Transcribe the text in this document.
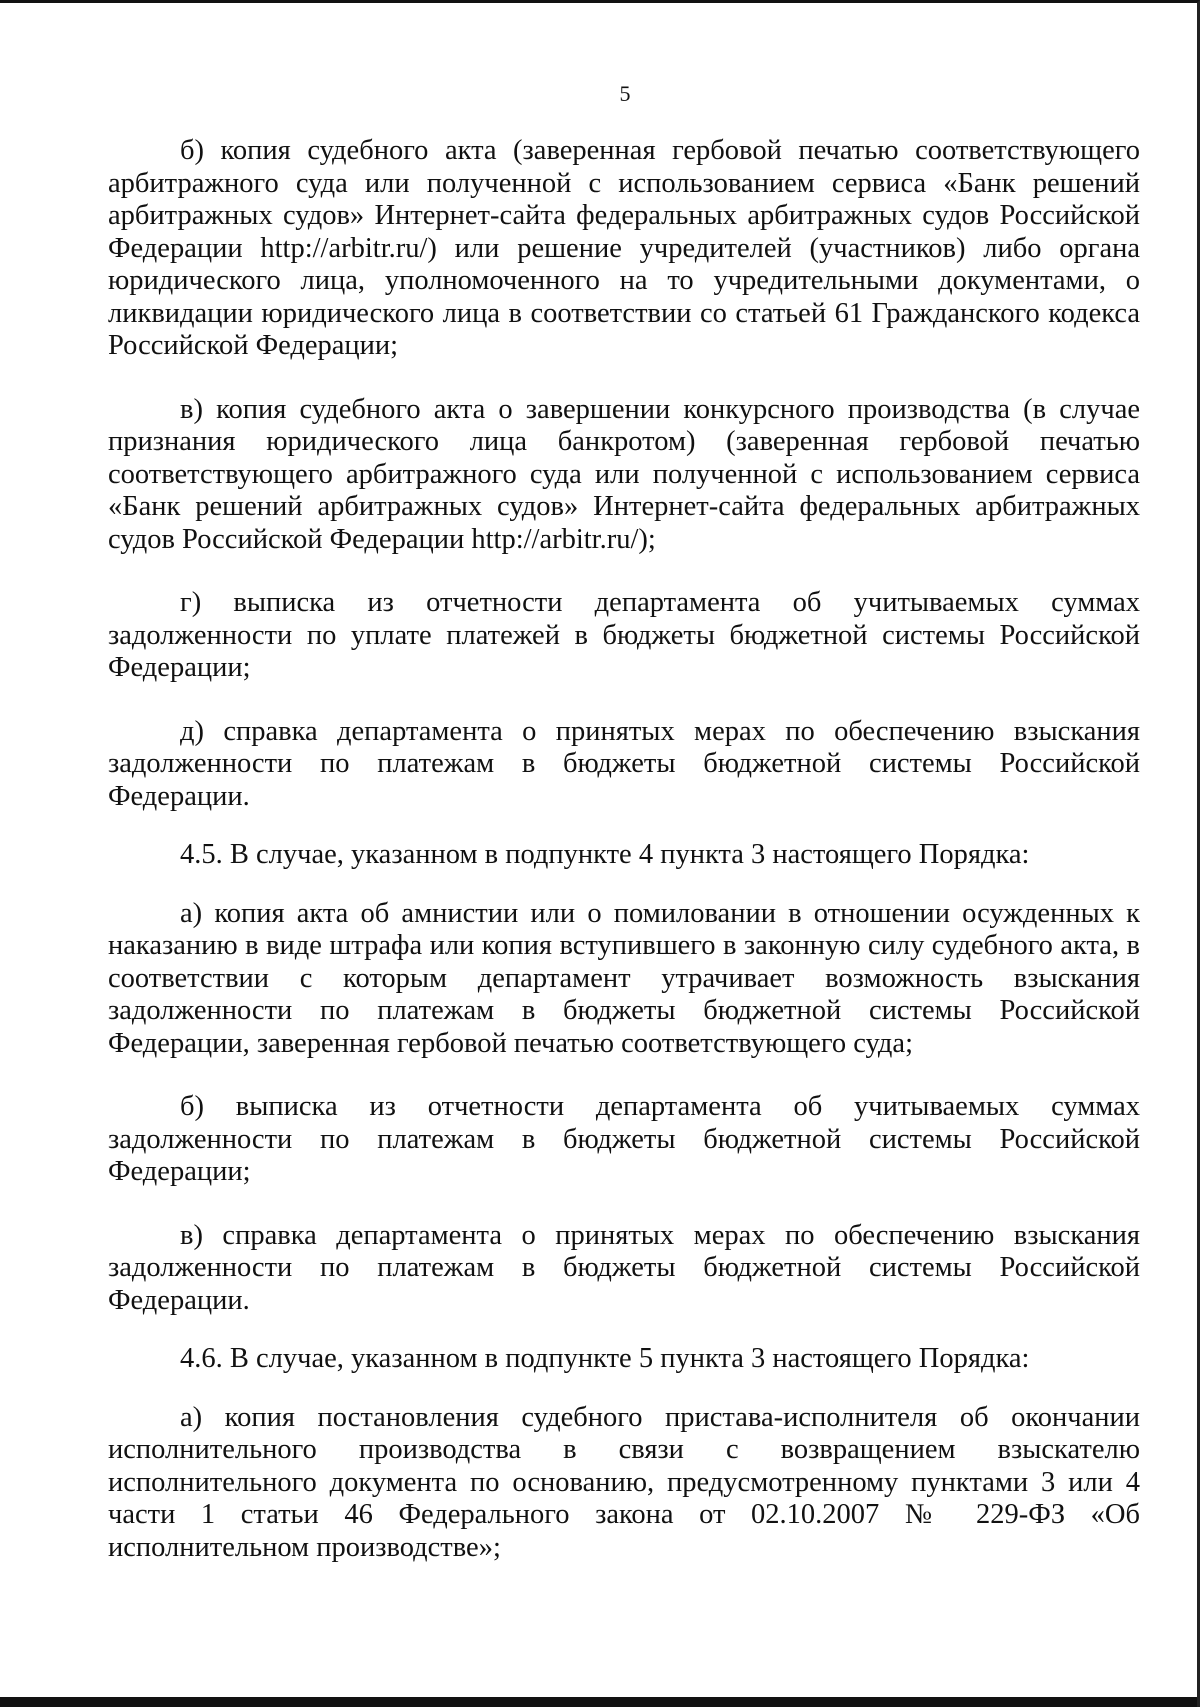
5

б) копия судебного акта (заверенная гербовой печатью соответствующего арбитражного суда или полученной с использованием сервиса «Банк решений арбитражных судов» Интернет-сайта федеральных арбитражных судов Российской Федерации http://arbitr.ru/) или решение учредителей (участников) либо органа юридического лица, уполномоченного на то учредительными документами, о ликвидации юридического лица в соответствии со статьей 61 Гражданского кодекса Российской Федерации;

в) копия судебного акта о завершении конкурсного производства (в случае признания юридического лица банкротом) (заверенная гербовой печатью соответствующего арбитражного суда или полученной с использованием сервиса «Банк решений арбитражных судов» Интернет-сайта федеральных арбитражных судов Российской Федерации http://arbitr.ru/);

г) выписка из отчетности департамента об учитываемых суммах задолженности по уплате платежей в бюджеты бюджетной системы Российской Федерации;

д) справка департамента о принятых мерах по обеспечению взыскания задолженности по платежам в бюджеты бюджетной системы Российской Федерации.

4.5. В случае, указанном в подпункте 4 пункта 3 настоящего Порядка:

а) копия акта об амнистии или о помиловании в отношении осужденных к наказанию в виде штрафа или копия вступившего в законную силу судебного акта, в соответствии с которым департамент утрачивает возможность взыскания задолженности по платежам в бюджеты бюджетной системы Российской Федерации, заверенная гербовой печатью соответствующего суда;

б) выписка из отчетности департамента об учитываемых суммах задолженности по платежам в бюджеты бюджетной системы Российской Федерации;

в) справка департамента о принятых мерах по обеспечению взыскания задолженности по платежам в бюджеты бюджетной системы Российской Федерации.

4.6. В случае, указанном в подпункте 5 пункта 3 настоящего Порядка:

а) копия постановления судебного пристава-исполнителя об окончании исполнительного производства в связи с возвращением взыскателю исполнительного документа по основанию, предусмотренному пунктами 3 или 4 части 1 статьи 46 Федерального закона от 02.10.2007 № 229-ФЗ «Об исполнительном производстве»;
